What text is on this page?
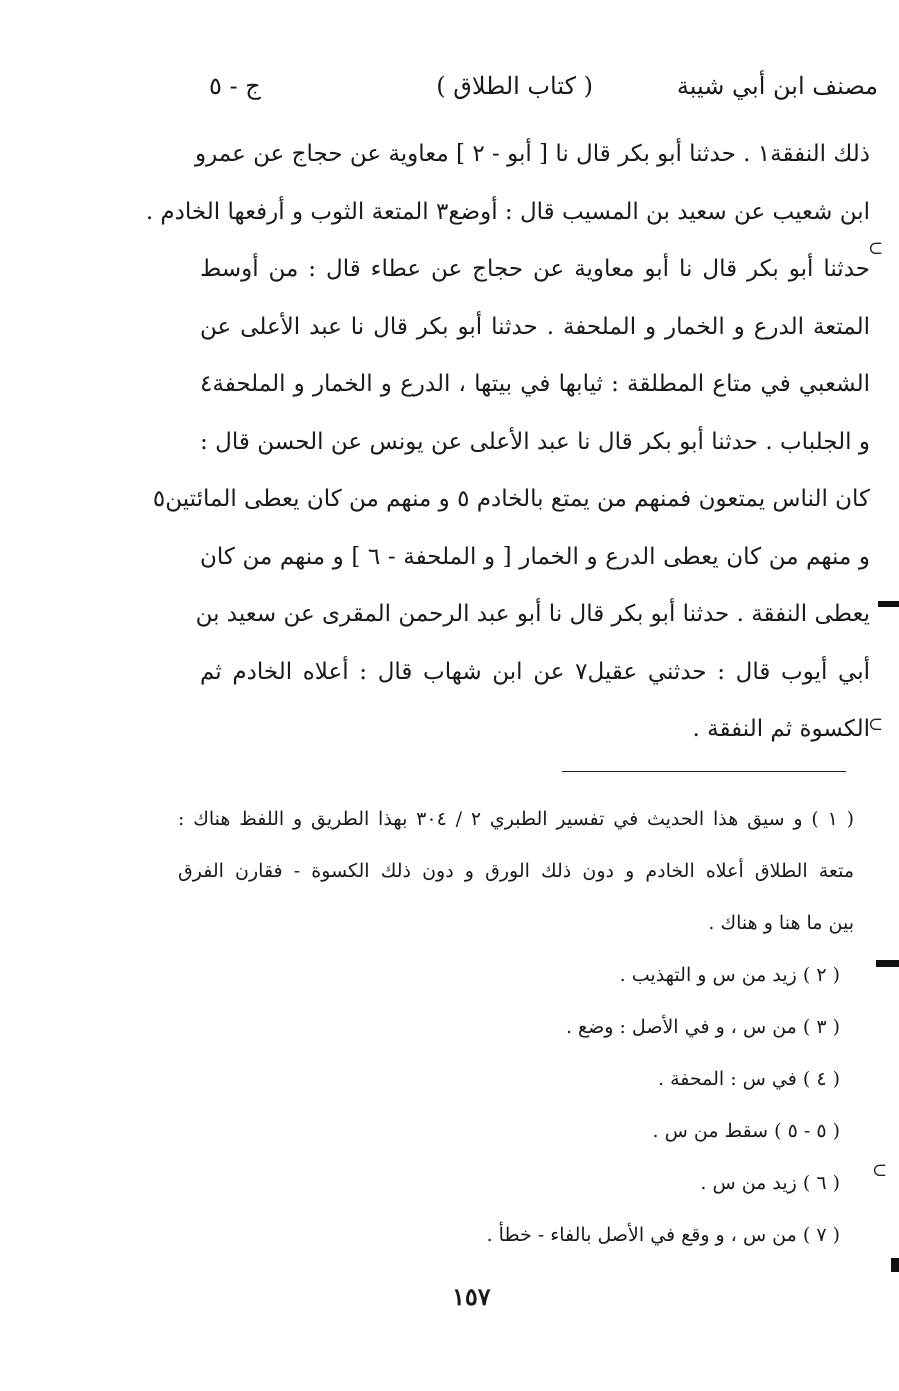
مصنف ابن أبي شيبة
( كتاب الطلاق )
ج - ٥
ذلك النفقة١ . حدثنا أبو بكر قال نا [ أبو - ٢ ] معاوية عن حجاج عن عمرو
ابن شعيب عن سعيد بن المسيب قال : أوضع٣ المتعة الثوب و أرفعها الخادم .
حدثنا أبو بكر قال نا أبو معاوية عن حجاج عن عطاء قال : من أوسط
المتعة الدرع و الخمار و الملحفة . حدثنا أبو بكر قال نا عبد الأعلى عن
الشعبي في متاع المطلقة : ثيابها في بيتها ، الدرع و الخمار و الملحفة٤
و الجلباب . حدثنا أبو بكر قال نا عبد الأعلى عن يونس عن الحسن قال :
كان الناس يمتعون فمنهم من يمتع بالخادم ٥ و منهم من كان يعطى المائتين٥
و منهم من كان يعطى الدرع و الخمار [ و الملحفة - ٦ ] و منهم من كان
يعطى النفقة . حدثنا أبو بكر قال نا أبو عبد الرحمن المقرى عن سعيد بن
أبي أيوب قال : حدثني عقيل٧ عن ابن شهاب قال : أعلاه الخادم ثم
الكسوة ثم النفقة .
( ١ ) و سيق هذا الحديث في تفسير الطبري ٢ / ٣٠٤ بهذا الطريق و اللفظ هناك :
متعة الطلاق أعلاه الخادم و دون ذلك الورق و دون ذلك الكسوة - فقارن الفرق
بين ما هنا و هناك .
( ٢ ) زيد من س و التهذيب .
( ٣ ) من س ، و في الأصل : وضع .
( ٤ ) في س : المحفة .
( ٥ - ٥ ) سقط من س .
( ٦ ) زيد من س .
( ٧ ) من س ، و وقع في الأصل بالفاء - خطأ .
١٥٧
⊃
⊃
⊃
